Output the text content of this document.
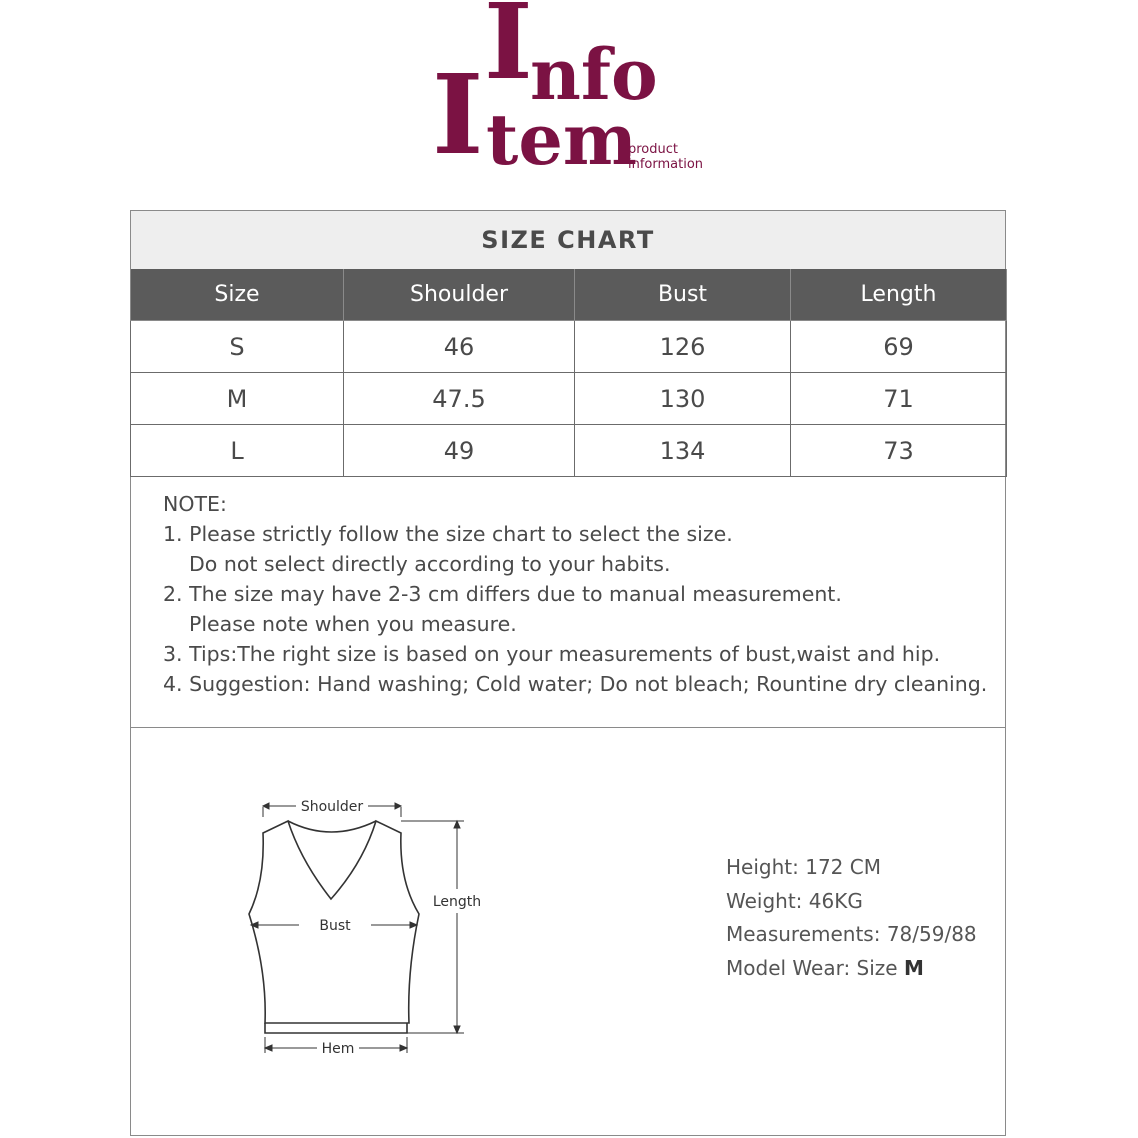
I
nfo
I tem
product
information
SIZE CHART
Size	Shoulder	Bust	Length
S	46	126	69
M	47.5	130	71
L	49	134	73
NOTE:
1. Please strictly follow the size chart to select the size.
Do not select directly according to your habits.
2. The size may have 2-3 cm differs due to manual measurement.
Please note when you measure.
3. Tips:The right size is based on your measurements of bust,waist and hip.
4. Suggestion: Hand washing; Cold water; Do not bleach; Rountine dry cleaning.
Shoulder
Length
Bust
Hem
Height: 172 CM
Weight: 46KG
Measurements: 78/59/88
Model Wear: Size M
